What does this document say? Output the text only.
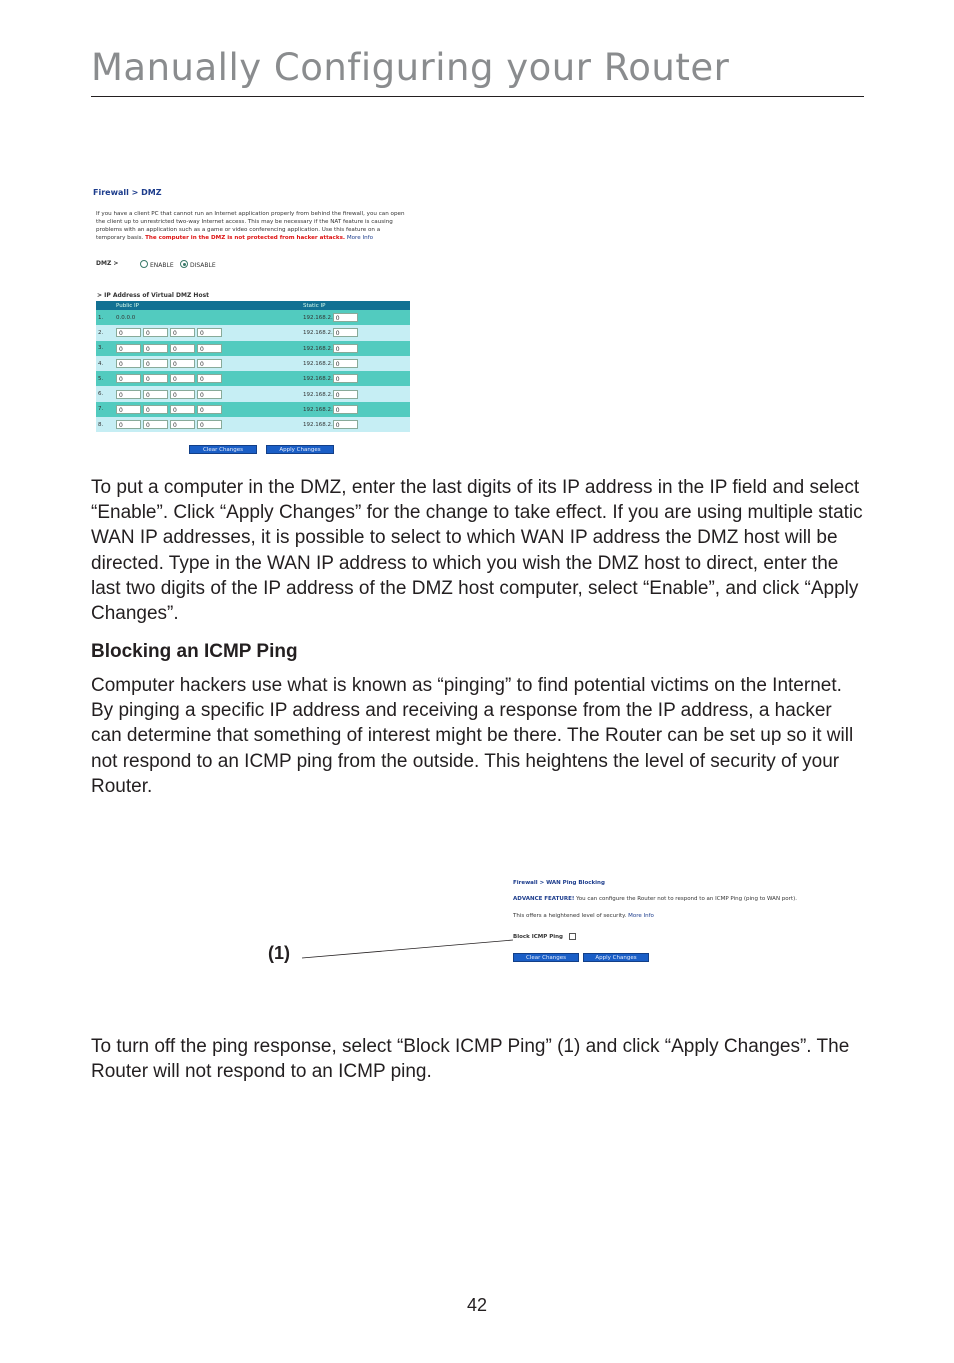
Manually Configuring your Router
Firewall > DMZ
If you have a client PC that cannot run an Internet application properly from behind the firewall, you can open the client up to unrestricted two-way Internet access. This may be necessary if the NAT feature is causing problems with an application such as a game or video conferencing application. Use this feature on a temporary basis. The computer in the DMZ is not protected from hacker attacks. More Info
DMZ >	ENABLE	DISABLE
> IP Address of Virtual DMZ Host
	Public IP	Static IP
1.	0.0.0.0	192.168.2. 0
2.	0 0 0 0	192.168.2. 0
3.	0 0 0 0	192.168.2. 0
4.	0 0 0 0	192.168.2. 0
5.	0 0 0 0	192.168.2. 0
6.	0 0 0 0	192.168.2. 0
7.	0 0 0 0	192.168.2. 0
8.	0 0 0 0	192.168.2. 0
Clear Changes	Apply Changes
To put a computer in the DMZ, enter the last digits of its IP address in the IP field and select “Enable”. Click “Apply Changes” for the change to take effect. If you are using multiple static WAN IP addresses, it is possible to select to which WAN IP address the DMZ host will be directed. Type in the WAN IP address to which you wish the DMZ host to direct, enter the last two digits of the IP address of the DMZ host computer, select “Enable”, and click “Apply Changes”.
Blocking an ICMP Ping
Computer hackers use what is known as “pinging” to find potential victims on the Internet. By pinging a specific IP address and receiving a response from the IP address, a hacker can determine that something of interest might be there. The Router can be set up so it will not respond to an ICMP ping from the outside. This heightens the level of security of your Router.
Firewall > WAN Ping Blocking
ADVANCE FEATURE! You can configure the Router not to respond to an ICMP Ping (ping to WAN port).
This offers a heightened level of security. More Info
Block ICMP Ping
Clear Changes	Apply Changes
(1)
To turn off the ping response, select “Block ICMP Ping” (1) and click “Apply Changes”. The Router will not respond to an ICMP ping.
42
